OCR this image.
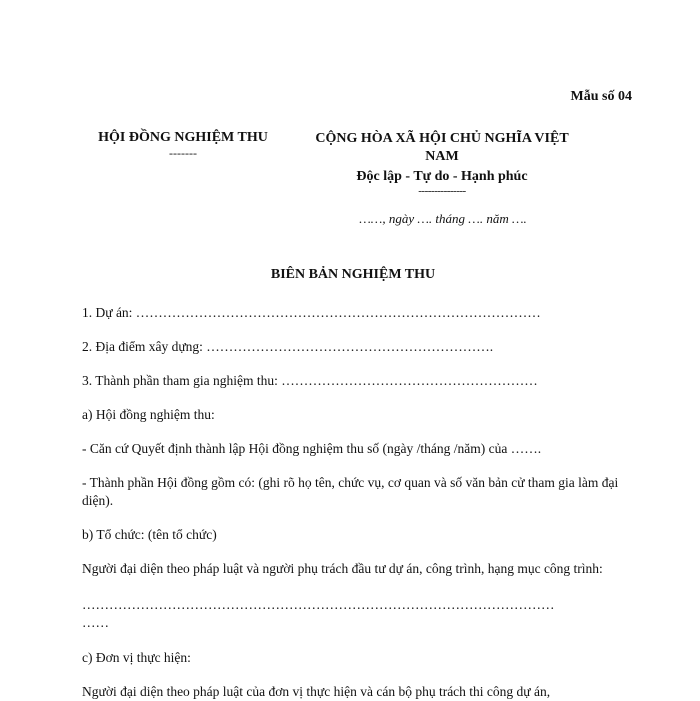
Mẫu số 04
HỘI ĐỒNG NGHIỆM THU
-------
CỘNG HÒA XÃ HỘI CHỦ NGHĨA VIỆT
NAM
Độc lập - Tự do - Hạnh phúc
---------------
……, ngày …. tháng …. năm ….
BIÊN BẢN NGHIỆM THU
1. Dự án: ………………………………………………………………………………
2. Địa điểm xây dựng: ……………………………………………………….
3. Thành phần tham gia nghiệm thu: …………………………………………………
a) Hội đồng nghiệm thu:
- Căn cứ Quyết định thành lập Hội đồng nghiệm thu số (ngày /tháng /năm) của …….
- Thành phần Hội đồng gồm có: (ghi rõ họ tên, chức vụ, cơ quan và số văn bản cử tham gia làm đại diện).
b) Tổ chức: (tên tổ chức)
Người đại diện theo pháp luật và người phụ trách đầu tư dự án, công trình, hạng mục công trình:
……………………………………………………………………………………………
……
c) Đơn vị thực hiện:
Người đại diện theo pháp luật của đơn vị thực hiện và cán bộ phụ trách thi công dự án,
